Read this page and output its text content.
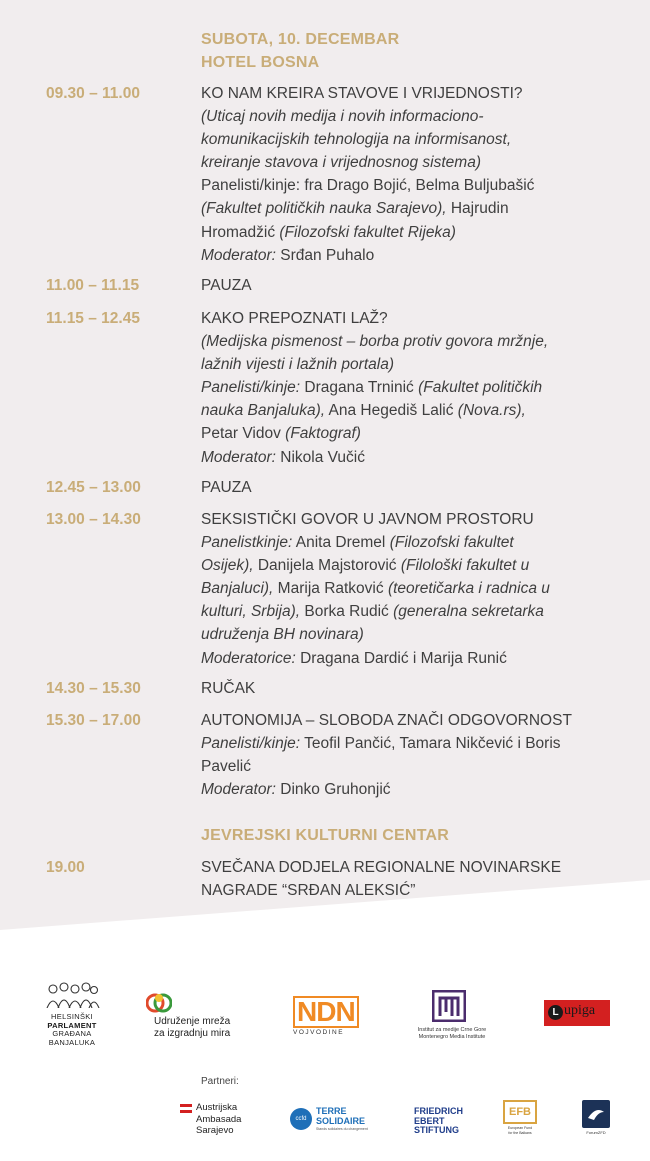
SUBOTA, 10. DECEMBAR
HOTEL BOSNA
09.30 – 11.00	KO NAM KREIRA STAVOVE I VRIJEDNOSTI?
(Uticaj novih medija i novih informaciono-
komunikacijskih tehnologija na informisanost,
kreiranje stavova i vrijednosnog sistema)
Panelisti/kinje: fra Drago Bojić, Belma Buljubašić
(Fakultet političkih nauka Sarajevo), Hajrudin
Hromadžić (Filozofski fakultet Rijeka)
Moderator: Srđan Puhalo
11.00 – 11.15	PAUZA
11.15 – 12.45	KAKO PREPOZNATI LAŽ?
(Medijska pismenost – borba protiv govora mržnje,
lažnih vijesti i lažnih portala)
Panelisti/kinje: Dragana Trninić (Fakultet političkih
nauka Banjaluka), Ana Hegediš Lalić (Nova.rs),
Petar Vidov (Faktograf)
Moderator: Nikola Vučić
12.45 – 13.00	PAUZA
13.00 – 14.30	SEKSISTIČKI GOVOR U JAVNOM PROSTORU
Panelistkinje: Anita Dremel (Filozofski fakultet
Osijek), Danijela Majstorović (Filološki fakultet u
Banjaluci), Marija Ratković (teoretičarka i radnica u
kulturi, Srbija), Borka Rudić (generalna sekretarka
udruženja BH novinara)
Moderatorice: Dragana Dardić i Marija Runić
14.30 – 15.30	RUČAK
15.30 – 17.00	AUTONOMIJA – SLOBODA ZNAČI ODGOVORNOST
Panelisti/kinje: Teofil Pančić, Tamara Nikčević i Boris
Pavelić
Moderator: Dinko Gruhonjić
JEVREJSKI KULTURNI CENTAR
19.00	SVEČANA DODJELA REGIONALNE NOVINARSKE
NAGRADE “SRĐAN ALEKSIĆ”
HELSINŠKI
PARLAMENT
GRAĐANA
BANJALUKA
Udruženje mreža
za izgradnju mira
NDN
VOJVODINE	Institut za medije Crne Gore
Montenegro Media Institute
L upiga
Partneri:
Austrijska
Ambasada
Sarajevo
ccfd
TERRE
SOLIDAIRE
Stands solidaires du changement
FRIEDRICH
EBERT
STIFTUNG
EFB
European Fund
for the Balkans	ForumZFD
